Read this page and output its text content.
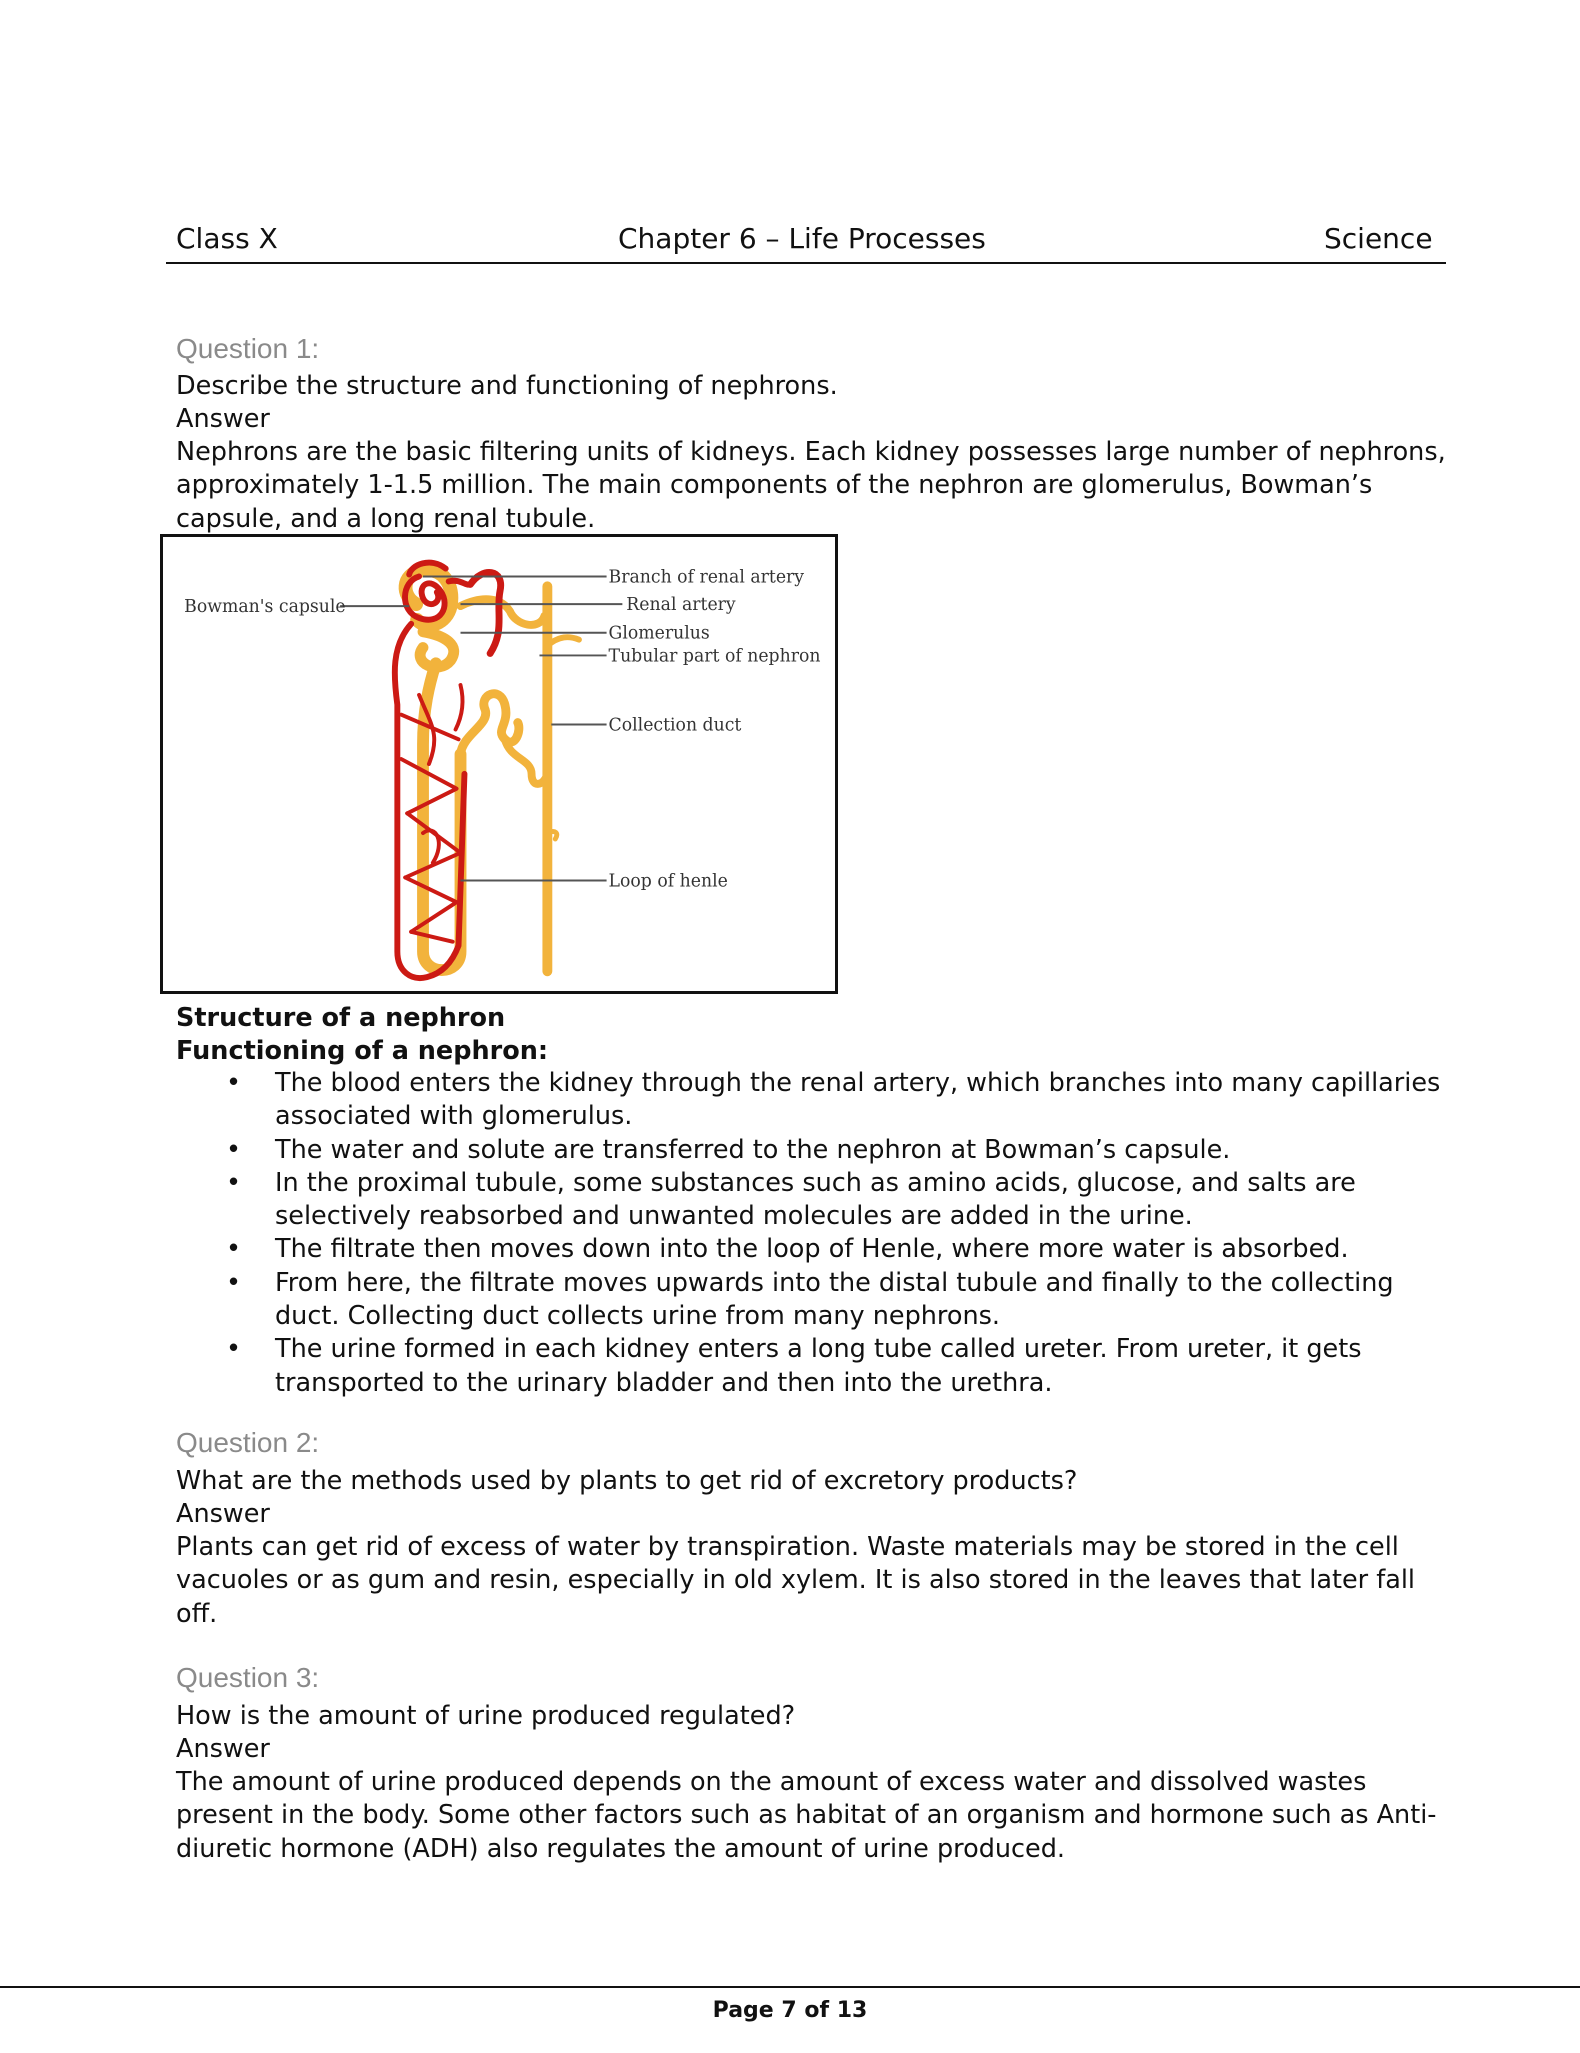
Class X	Chapter 6 – Life Processes	Science
Question 1:
Describe the structure and functioning of nephrons.
Answer
Nephrons are the basic filtering units of kidneys. Each kidney possesses large number of nephrons, approximately 1-1.5 million. The main components of the nephron are glomerulus, Bowman’s capsule, and a long renal tubule.
Bowman's capsule
Branch of renal artery
Renal artery
Glomerulus
Tubular part of nephron
Collection duct
Loop of henle
Structure of a nephron
Functioning of a nephron:
• The blood enters the kidney through the renal artery, which branches into many capillaries associated with glomerulus.
• The water and solute are transferred to the nephron at Bowman’s capsule.
• In the proximal tubule, some substances such as amino acids, glucose, and salts are selectively reabsorbed and unwanted molecules are added in the urine.
• The filtrate then moves down into the loop of Henle, where more water is absorbed.
• From here, the filtrate moves upwards into the distal tubule and finally to the collecting duct. Collecting duct collects urine from many nephrons.
• The urine formed in each kidney enters a long tube called ureter. From ureter, it gets transported to the urinary bladder and then into the urethra.
Question 2:
What are the methods used by plants to get rid of excretory products?
Answer
Plants can get rid of excess of water by transpiration. Waste materials may be stored in the cell vacuoles or as gum and resin, especially in old xylem. It is also stored in the leaves that later fall off.
Question 3:
How is the amount of urine produced regulated?
Answer
The amount of urine produced depends on the amount of excess water and dissolved wastes present in the body. Some other factors such as habitat of an organism and hormone such as Anti-diuretic hormone (ADH) also regulates the amount of urine produced.
Page 7 of 13
